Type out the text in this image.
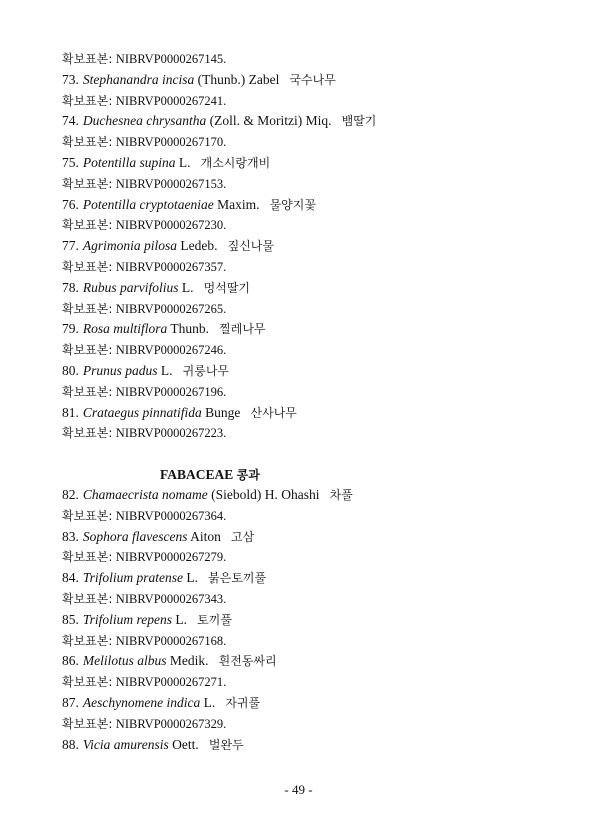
FABACEAE 콩과
- 49 -
확보표본: NIBRVP0000267145.
73. Stephanandra incisa (Thunb.) Zabel 국수나무
확보표본: NIBRVP0000267241.
74. Duchesnea chrysantha (Zoll. & Moritzi) Miq. 뱀딸기
확보표본: NIBRVP0000267170.
75. Potentilla supina L. 개소시랑개비
확보표본: NIBRVP0000267153.
76. Potentilla cryptotaeniae Maxim. 물양지꽃
확보표본: NIBRVP0000267230.
77. Agrimonia pilosa Ledeb. 짚신나물
확보표본: NIBRVP0000267357.
78. Rubus parvifolius L. 멍석딸기
확보표본: NIBRVP0000267265.
79. Rosa multiflora Thunb. 찔레나무
확보표본: NIBRVP0000267246.
80. Prunus padus L. 귀룽나무
확보표본: NIBRVP0000267196.
81. Crataegus pinnatifida Bunge 산사나무
확보표본: NIBRVP0000267223.
82. Chamaecrista nomame (Siebold) H. Ohashi 차풀
확보표본: NIBRVP0000267364.
83. Sophora flavescens Aiton 고삼
확보표본: NIBRVP0000267279.
84. Trifolium pratense L. 붉은토끼풀
확보표본: NIBRVP0000267343.
85. Trifolium repens L. 토끼풀
확보표본: NIBRVP0000267168.
86. Melilotus albus Medik. 흰전동싸리
확보표본: NIBRVP0000267271.
87. Aeschynomene indica L. 자귀풀
확보표본: NIBRVP0000267329.
88. Vicia amurensis Oett. 벌완두
